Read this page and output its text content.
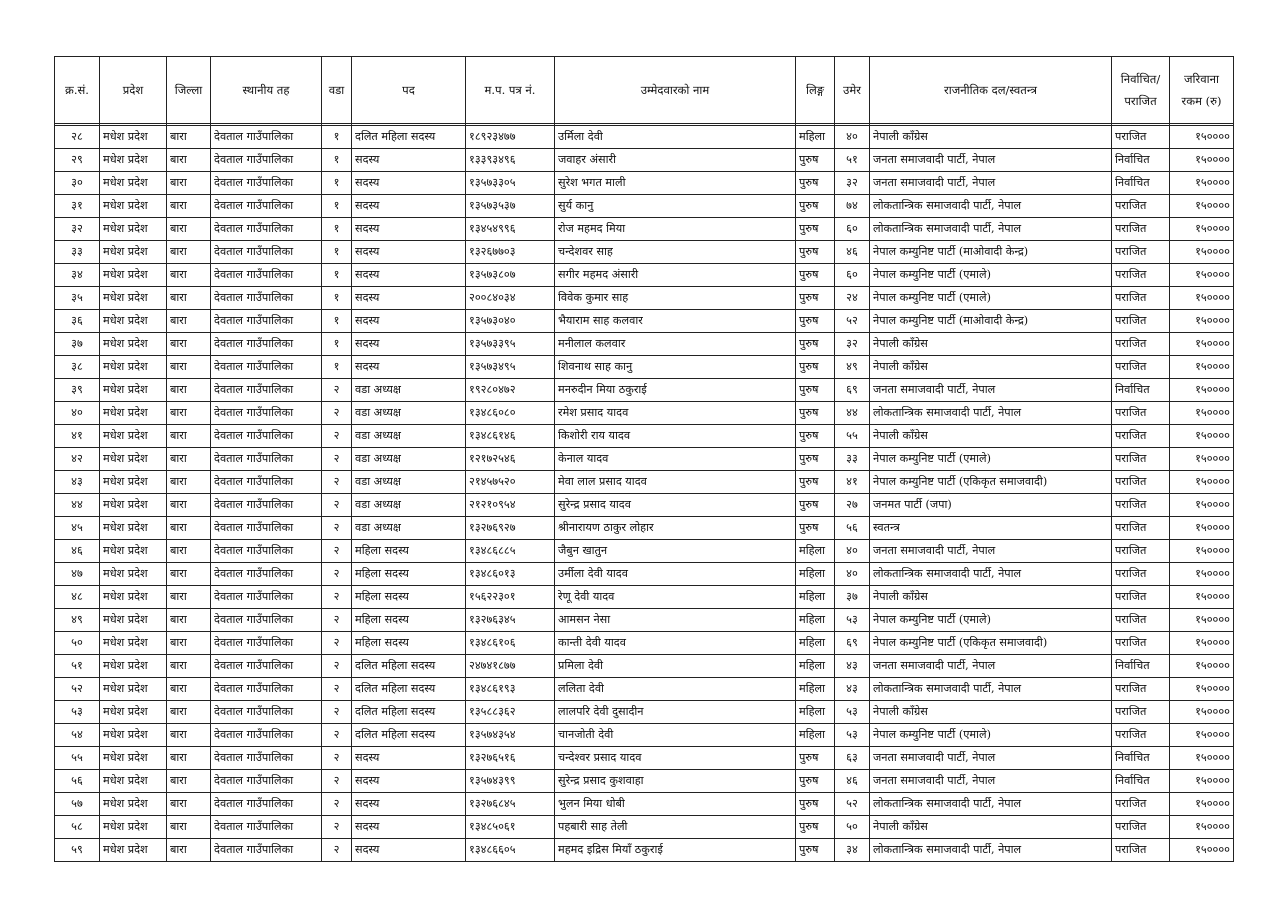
क्र.सं.	प्रदेश	जिल्ला	स्थानीय तह	वडा	पद	म.प. पत्र नं.	उम्मेदवारको नाम	लिङ्ग	उमेर	राजनीतिक दल/स्वतन्त्र	निर्वाचित/ पराजित	जरिवाना रकम (रु)

२८	मधेश प्रदेश	बारा	देवताल गाउँपालिका	१	दलित महिला सदस्य	१८९२३४७७	उर्मिला देवी	महिला	४०	नेपाली काँग्रेस	पराजित	१५००००
२९	मधेश प्रदेश	बारा	देवताल गाउँपालिका	१	सदस्य	१३३९३४९६	जवाहर अंसारी	पुरुष	५१	जनता समाजवादी पार्टी, नेपाल	निर्वाचित	१५००००
३०	मधेश प्रदेश	बारा	देवताल गाउँपालिका	१	सदस्य	१३५७३३०५	सुरेश भगत माली	पुरुष	३२	जनता समाजवादी पार्टी, नेपाल	निर्वाचित	१५००००
३१	मधेश प्रदेश	बारा	देवताल गाउँपालिका	१	सदस्य	१३५७३५३७	सुर्य कानु	पुरुष	७४	लोकतान्त्रिक समाजवादी पार्टी, नेपाल	पराजित	१५००००
३२	मधेश प्रदेश	बारा	देवताल गाउँपालिका	१	सदस्य	१३४५४९९६	रोज महमद मिया	पुरुष	६०	लोकतान्त्रिक समाजवादी पार्टी, नेपाल	पराजित	१५००००
३३	मधेश प्रदेश	बारा	देवताल गाउँपालिका	१	सदस्य	१३२६७७०३	चन्देशवर साह	पुरुष	४६	नेपाल कम्युनिष्ट पार्टी (माओवादी केन्द्र)	पराजित	१५००००
३४	मधेश प्रदेश	बारा	देवताल गाउँपालिका	१	सदस्य	१३५७३८०७	सगीर महमद अंसारी	पुरुष	६०	नेपाल कम्युनिष्ट पार्टी (एमाले)	पराजित	१५००००
३५	मधेश प्रदेश	बारा	देवताल गाउँपालिका	१	सदस्य	२००८४०३४	विवेक कुमार साह	पुरुष	२४	नेपाल कम्युनिष्ट पार्टी (एमाले)	पराजित	१५००००
३६	मधेश प्रदेश	बारा	देवताल गाउँपालिका	१	सदस्य	१३५७३०४०	भैयाराम साह कलवार	पुरुष	५२	नेपाल कम्युनिष्ट पार्टी (माओवादी केन्द्र)	पराजित	१५००००
३७	मधेश प्रदेश	बारा	देवताल गाउँपालिका	१	सदस्य	१३५७३३९५	मनीलाल कलवार	पुरुष	३२	नेपाली काँग्रेस	पराजित	१५००००
३८	मधेश प्रदेश	बारा	देवताल गाउँपालिका	१	सदस्य	१३५७३४९५	शिवनाथ साह कानु	पुरुष	४९	नेपाली काँग्रेस	पराजित	१५००००
३९	मधेश प्रदेश	बारा	देवताल गाउँपालिका	२	वडा अध्यक्ष	१९२८०४७२	मनरुदीन मिया ठकुराई	पुरुष	६९	जनता समाजवादी पार्टी, नेपाल	निर्वाचित	१५००००
४०	मधेश प्रदेश	बारा	देवताल गाउँपालिका	२	वडा अध्यक्ष	१३४८६०८०	रमेश प्रसाद यादव	पुरुष	४४	लोकतान्त्रिक समाजवादी पार्टी, नेपाल	पराजित	१५००००
४१	मधेश प्रदेश	बारा	देवताल गाउँपालिका	२	वडा अध्यक्ष	१३४८६१४६	किशोरी राय यादव	पुरुष	५५	नेपाली काँग्रेस	पराजित	१५००००
४२	मधेश प्रदेश	बारा	देवताल गाउँपालिका	२	वडा अध्यक्ष	१२१७२५४६	केनाल यादव	पुरुष	३३	नेपाल कम्युनिष्ट पार्टी (एमाले)	पराजित	१५००००
४३	मधेश प्रदेश	बारा	देवताल गाउँपालिका	२	वडा अध्यक्ष	२१४५७५२०	मेवा लाल प्रसाद यादव	पुरुष	४१	नेपाल कम्युनिष्ट पार्टी (एकिकृत समाजवादी)	पराजित	१५००००
४४	मधेश प्रदेश	बारा	देवताल गाउँपालिका	२	वडा अध्यक्ष	२१२१०९५४	सुरेन्द्र प्रसाद यादव	पुरुष	२७	जनमत पार्टी (जपा)	पराजित	१५००००
४५	मधेश प्रदेश	बारा	देवताल गाउँपालिका	२	वडा अध्यक्ष	१३२७६९२७	श्रीनारायण ठाकुर लोहार	पुरुष	५६	स्वतन्त्र	पराजित	१५००००
४६	मधेश प्रदेश	बारा	देवताल गाउँपालिका	२	महिला सदस्य	१३४८६८८५	जैबुन खातुन	महिला	४०	जनता समाजवादी पार्टी, नेपाल	पराजित	१५००००
४७	मधेश प्रदेश	बारा	देवताल गाउँपालिका	२	महिला सदस्य	१३४८६०१३	उर्मीला देवी यादव	महिला	४०	लोकतान्त्रिक समाजवादी पार्टी, नेपाल	पराजित	१५००००
४८	मधेश प्रदेश	बारा	देवताल गाउँपालिका	२	महिला सदस्य	१५६२२३०१	रेणू देवी यादव	महिला	३७	नेपाली काँग्रेस	पराजित	१५००००
४९	मधेश प्रदेश	बारा	देवताल गाउँपालिका	२	महिला सदस्य	१३२७६३४५	आमसन नेसा	महिला	५३	नेपाल कम्युनिष्ट पार्टी (एमाले)	पराजित	१५००००
५०	मधेश प्रदेश	बारा	देवताल गाउँपालिका	२	महिला सदस्य	१३४८६१०६	कान्ती देवी यादव	महिला	६९	नेपाल कम्युनिष्ट पार्टी (एकिकृत समाजवादी)	पराजित	१५००००
५१	मधेश प्रदेश	बारा	देवताल गाउँपालिका	२	दलित महिला सदस्य	२४७४१८७७	प्रमिला देवी	महिला	४३	जनता समाजवादी पार्टी, नेपाल	निर्वाचित	१५००००
५२	मधेश प्रदेश	बारा	देवताल गाउँपालिका	२	दलित महिला सदस्य	१३४८६१९३	ललिता देवी	महिला	४३	लोकतान्त्रिक समाजवादी पार्टी, नेपाल	पराजित	१५००००
५३	मधेश प्रदेश	बारा	देवताल गाउँपालिका	२	दलित महिला सदस्य	१३५८८३६२	लालपरि देवी दुसादीन	महिला	५३	नेपाली काँग्रेस	पराजित	१५००००
५४	मधेश प्रदेश	बारा	देवताल गाउँपालिका	२	दलित महिला सदस्य	१३५७४३५४	चानजोती देवी	महिला	५३	नेपाल कम्युनिष्ट पार्टी (एमाले)	पराजित	१५००००
५५	मधेश प्रदेश	बारा	देवताल गाउँपालिका	२	सदस्य	१३२७६५१६	चन्देश्वर प्रसाद यादव	पुरुष	६३	जनता समाजवादी पार्टी, नेपाल	निर्वाचित	१५००००
५६	मधेश प्रदेश	बारा	देवताल गाउँपालिका	२	सदस्य	१३५७४३९९	सुरेन्द्र प्रसाद कुशवाहा	पुरुष	४६	जनता समाजवादी पार्टी, नेपाल	निर्वाचित	१५००००
५७	मधेश प्रदेश	बारा	देवताल गाउँपालिका	२	सदस्य	१३२७६८४५	भुलन मिया धोबी	पुरुष	५२	लोकतान्त्रिक समाजवादी पार्टी, नेपाल	पराजित	१५००००
५८	मधेश प्रदेश	बारा	देवताल गाउँपालिका	२	सदस्य	१३४८५०६१	पहबारी साह तेली	पुरुष	५०	नेपाली काँग्रेस	पराजित	१५००००
५९	मधेश प्रदेश	बारा	देवताल गाउँपालिका	२	सदस्य	१३४८६६०५	महमद इद्रिस मियाँ ठकुराई	पुरुष	३४	लोकतान्त्रिक समाजवादी पार्टी, नेपाल	पराजित	१५००००
